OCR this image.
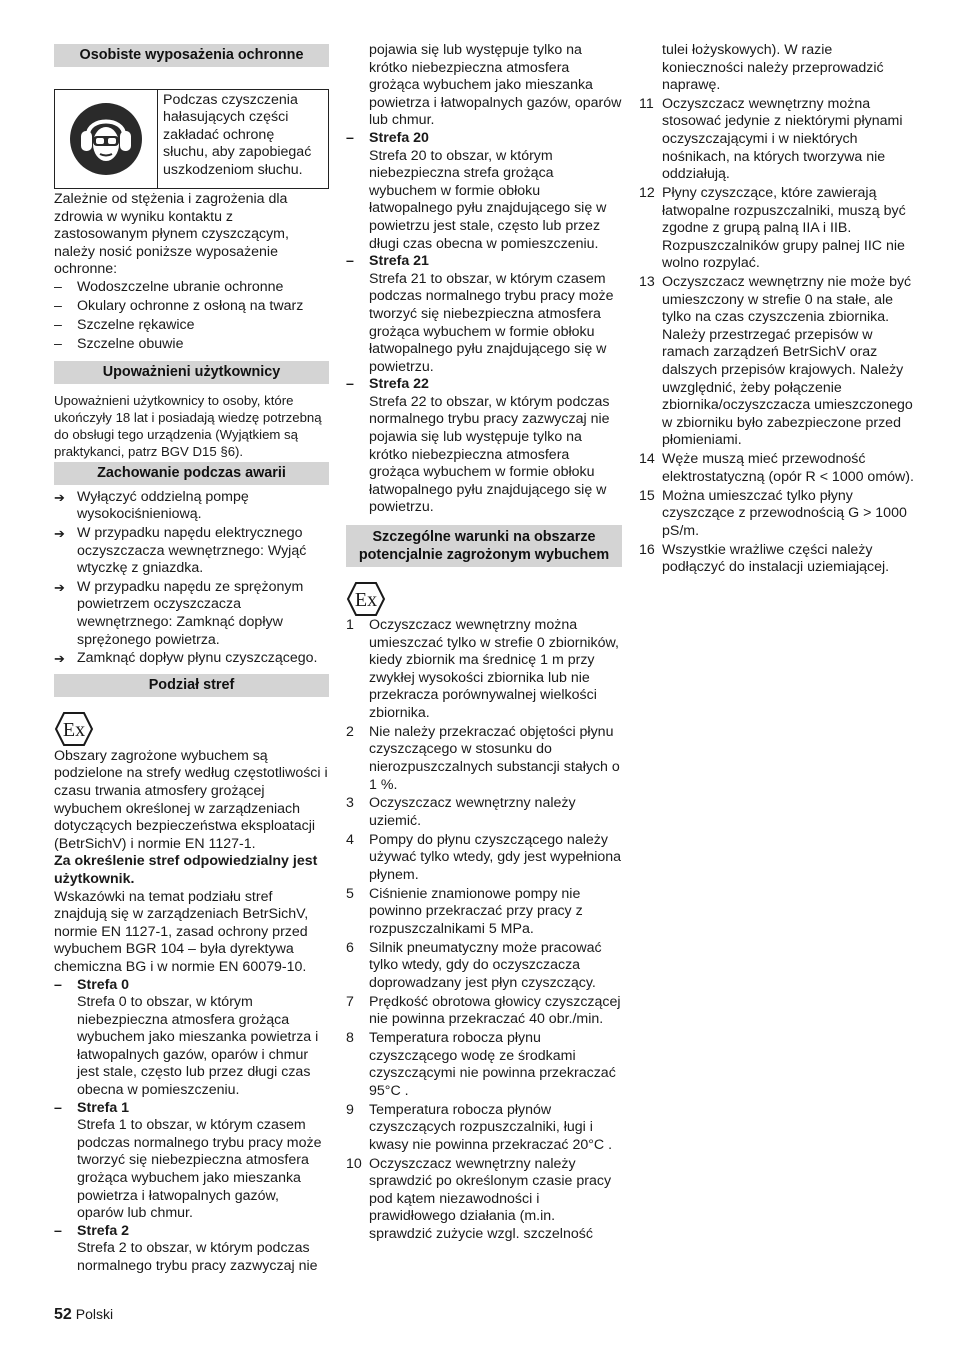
Osobiste wyposażenia ochronne
Podczas czyszczenia hałasujących części zakładać ochronę słuchu, aby zapobiegać uszkodzeniom słuchu.

Zależnie od stężenia i zagrożenia dla zdrowia w wyniku kontaktu z zastosowanym płynem czyszczącym, należy nosić poniższe wyposażenie ochronne:

– Wodoszczelne ubranie ochronne
– Okulary ochronne z osłoną na twarz
– Szczelne rękawice
– Szczelne obuwie
Upoważnieni użytkownicy

Upoważnieni użytkownicy to osoby, które ukończyły 18 lat i posiadają wiedzę potrzebną do obsługi tego urządzenia (Wyjątkiem są praktykanci, patrz BGV D15 §6).

Zachowanie podczas awarii
➔ Wyłączyć oddzielną pompę wysokociśnieniową.
➔ W przypadku napędu elektrycznego oczyszczacza wewnętrznego: Wyjąć wtyczkę z gniazdka.
➔ W przypadku napędu ze sprężonym powietrzem oczyszczacza wewnętrznego: Zamknąć dopływ sprężonego powietrza.
➔ Zamknąć dopływ płynu czyszczącego.
Podział stref
Ex

Obszary zagrożone wybuchem są podzielone na strefy według częstotliwości i czasu trwania atmosfery grożącej wybuchem określonej w zarządzeniach dotyczących bezpieczeństwa eksploatacji (BetrSichV) i normie EN 1127-1.

Za określenie stref odpowiedzialny jest użytkownik.

Wskazówki na temat podziału stref znajdują się w zarządzeniach BetrSichV, normie EN 1127-1, zasad ochrony przed wybuchem BGR 104 – była dyrektywa chemiczna BG i w normie EN 60079-10.

– Strefa 0

Strefa 0 to obszar, w którym niebezpieczna atmosfera grożąca wybuchem jako mieszanka powietrza i łatwopalnych gazów, oparów i chmur jest stale, często lub przez długi czas obecna w pomieszczeniu.

– Strefa 1

Strefa 1 to obszar, w którym czasem podczas normalnego trybu pracy może tworzyć się niebezpieczna atmosfera grożąca wybuchem jako mieszanka powietrza i łatwopalnych gazów, oparów lub chmur.

– Strefa 2

Strefa 2 to obszar, w którym podczas normalnego trybu pracy zazwyczaj nie

pojawia się lub występuje tylko na krótko niebezpieczna atmosfera grożąca wybuchem jako mieszanka powietrza i łatwopalnych gazów, oparów lub chmur.

– Strefa 20

Strefa 20 to obszar, w którym niebezpieczna strefa grożąca wybuchem w formie obłoku łatwopalnego pyłu znajdującego się w powietrzu jest stale, często lub przez długi czas obecna w pomieszczeniu.

– Strefa 21

Strefa 21 to obszar, w którym czasem podczas normalnego trybu pracy może tworzyć się niebezpieczna atmosfera grożąca wybuchem w formie obłoku łatwopalnego pyłu znajdującego się w powietrzu.

– Strefa 22

Strefa 22 to obszar, w którym podczas normalnego trybu pracy zazwyczaj nie pojawia się lub występuje tylko na krótko niebezpieczna atmosfera grożąca wybuchem w formie obłoku łatwopalnego pyłu znajdującego się w powietrzu.

Szczególne warunki na obszarze potencjalnie zagrożonym wybuchem
Ex
1 Oczyszczacz wewnętrzny można umieszczać tylko w strefie 0 zbiorników, kiedy zbiornik ma średnicę 1 m przy zwykłej wysokości zbiornika lub nie przekracza porównywalnej wielkości zbiornika.
2 Nie należy przekraczać objętości płynu czyszczącego w stosunku do nierozpuszczalnych substancji stałych o 1 %.
3 Oczyszczacz wewnętrzny należy uziemić.
4 Pompy do płynu czyszczącego należy używać tylko wtedy, gdy jest wypełniona płynem.
5 Ciśnienie znamionowe pompy nie powinno przekraczać przy pracy z rozpuszczalnikami 5 MPa.
6 Silnik pneumatyczny może pracować tylko wtedy, gdy do oczyszczacza doprowadzany jest płyn czyszczący.
7 Prędkość obrotowa głowicy czyszczącej nie powinna przekraczać 40 obr./min.
8 Temperatura robocza płynu czyszczącego wodę ze środkami czyszczącymi nie powinna przekraczać 95°C .
9 Temperatura robocza płynów czyszczących rozpuszczalniki, ługi i kwasy nie powinna przekraczać 20°C .
10 Oczyszczacz wewnętrzny należy sprawdzić po określonym czasie pracy pod kątem niezawodności i prawidłowego działania (m.in. sprawdzić zużycie wzgl. szczelność

tulei łożyskowych). W razie konieczności należy przeprowadzić naprawę.

11 Oczyszczacz wewnętrzny można stosować jedynie z niektórymi płynami oczyszczającymi i w niektórych nośnikach, na których tworzywa nie oddziałują.
12 Płyny czyszczące, które zawierają łatwopalne rozpuszczalniki, muszą być zgodne z grupą palną IIA i IIB. Rozpuszczalników grupy palnej IIC nie wolno rozpylać.
13 Oczyszczacz wewnętrzny nie może być umieszczony w strefie 0 na stałe, ale tylko na czas czyszczenia zbiornika. Należy przestrzegać przepisów w ramach zarządzeń BetrSichV oraz dalszych przepisów krajowych. Należy uwzględnić, żeby połączenie zbiornika/oczyszczacza umieszczonego w zbiorniku było zabezpieczone przed płomieniami.
14 Węże muszą mieć przewodność elektrostatyczną (opór R < 1000 omów).
15 Można umieszczać tylko płyny czyszczące z przewodnością G > 1000 pS/m.
16 Wszystkie wrażliwe części należy podłączyć do instalacji uziemiającej.
52 Polski
